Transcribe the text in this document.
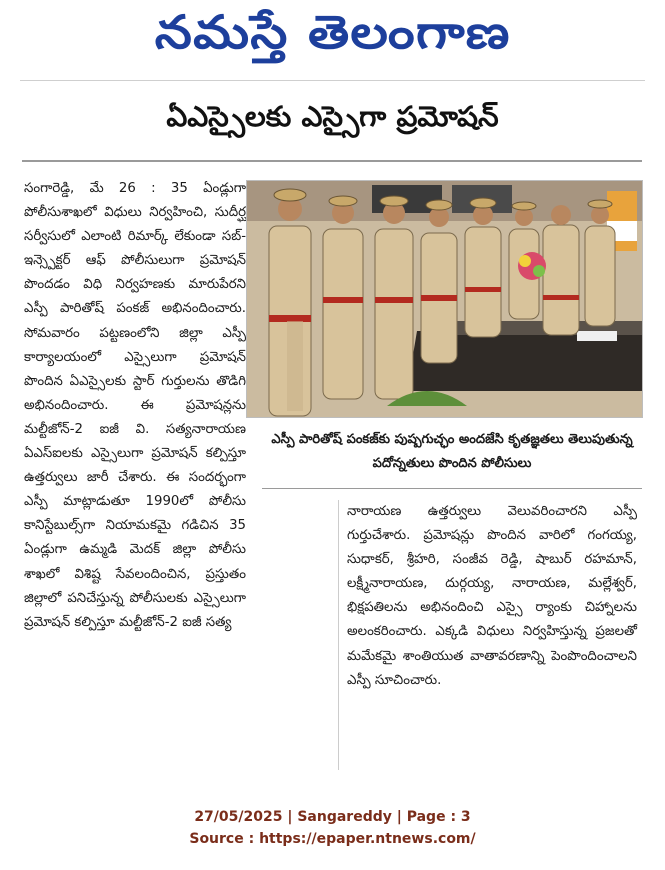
నమస్తే తెలంగాణ
ఏఎస్సైలకు ఎస్సైగా ప్రమోషన్

సంగారెడ్డి, మే 26 : 35 ఏండ్లుగా పోలీసుశాఖలో విధులు నిర్వహించి, సుదీర్ఘ సర్వీసులో ఎలాంటి రిమార్క్ లేకుండా సబ్-ఇన్స్పెక్టర్ ఆఫ్ పోలీసులుగా ప్రమోషన్ పొందడం విధి నిర్వహణకు మారుపేరని ఎస్పీ పారితోష్ పంకజ్ అభినందించారు. సోమవారం పట్టణంలోని జిల్లా ఎస్పీ కార్యాలయంలో ఎస్సైలుగా ప్రమోషన్ పొందిన ఏఎస్సైలకు స్టార్ గుర్తులను తొడిగి అభినందించారు. ఈ ప్రమోషన్లను మల్టీజోన్-2 ఐజీ వి. సత్యనారాయణ ఏఎస్ఐలకు ఎస్సైలుగా ప్రమోషన్ కల్పిస్తూ ఉత్తర్వులు జారీ చేశారు. ఈ సందర్భంగా ఎస్పీ మాట్లాడుతూ 1990లో పోలీసు కానిస్టేబుల్స్‌గా నియామకమై గడిచిన 35 ఏండ్లుగా ఉమ్మడి మెదక్ జిల్లా పోలీసు శాఖలో విశిష్ట సేవలందించిన, ప్రస్తుతం జిల్లాలో పనిచేస్తున్న పోలీసులకు ఎస్సైలుగా ప్రమోషన్ కల్పిస్తూ మల్టీజోన్-2 ఐజీ సత్య

ఎస్పీ పారితోష్ పంకజ్‌కు పుష్పగుచ్ఛం అందజేసి కృతజ్ఞతలు తెలుపుతున్న పదోన్నతులు పొందిన పోలీసులు

నారాయణ ఉత్తర్వులు వెలువరించారని ఎస్పీ గుర్తుచేశారు. ప్రమోషన్లు పొందిన వారిలో గంగయ్య, సుధాకర్, శ్రీహరి, సంజీవ రెడ్డి, షాబుర్ రహమాన్, లక్ష్మీనారాయణ, దుర్గయ్య, నారాయణ, మల్లేశ్వర్, భిక్షపతిలను అభినందించి ఎస్సై ర్యాంకు చిహ్నాలను అలంకరించారు. ఎక్కడి విధులు నిర్వహిస్తున్న ప్రజలతో మమేకమై శాంతియుత వాతావరణాన్ని పెంపొందించాలని ఎస్పీ సూచించారు.

27/05/2025 | Sangareddy | Page : 3
Source : https://epaper.ntnews.com/
